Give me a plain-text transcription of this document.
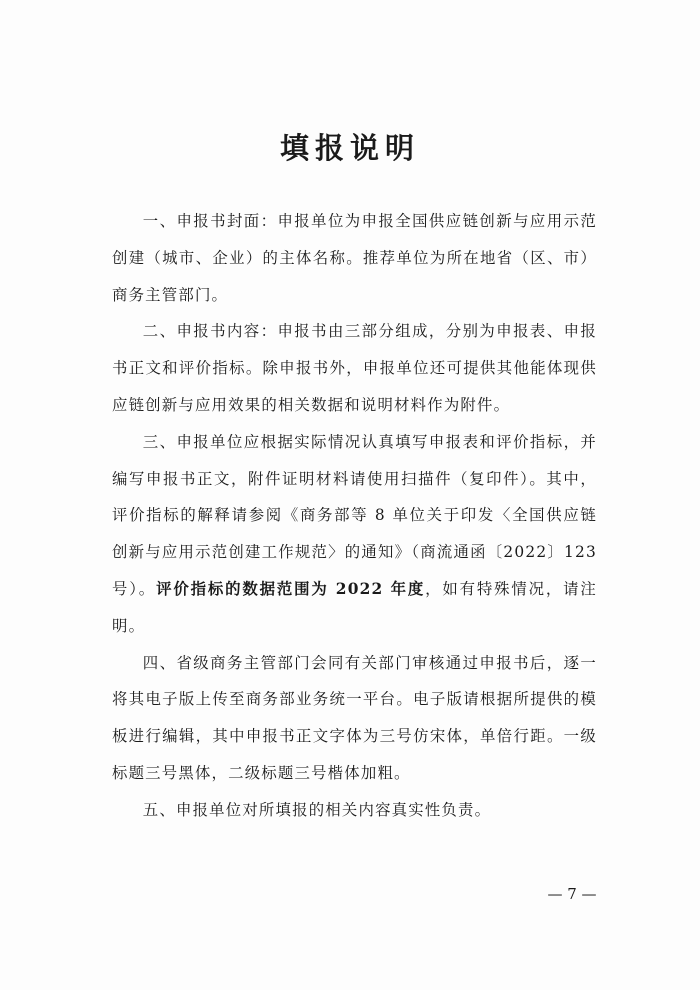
填报说明

一、申报书封面：申报单位为申报全国供应链创新与应用示范创建（城市、企业）的主体名称。推荐单位为所在地省（区、市）商务主管部门。

二、申报书内容：申报书由三部分组成，分别为申报表、申报书正文和评价指标。除申报书外，申报单位还可提供其他能体现供应链创新与应用效果的相关数据和说明材料作为附件。

三、申报单位应根据实际情况认真填写申报表和评价指标，并编写申报书正文，附件证明材料请使用扫描件（复印件）。其中，评价指标的解释请参阅《商务部等 8 单位关于印发〈全国供应链创新与应用示范创建工作规范〉的通知》（商流通函〔2022〕123 号）。评价指标的数据范围为 2022 年度，如有特殊情况，请注明。

四、省级商务主管部门会同有关部门审核通过申报书后，逐一将其电子版上传至商务部业务统一平台。电子版请根据所提供的模板进行编辑，其中申报书正文字体为三号仿宋体，单倍行距。一级标题三号黑体，二级标题三号楷体加粗。

五、申报单位对所填报的相关内容真实性负责。

— 7 —
